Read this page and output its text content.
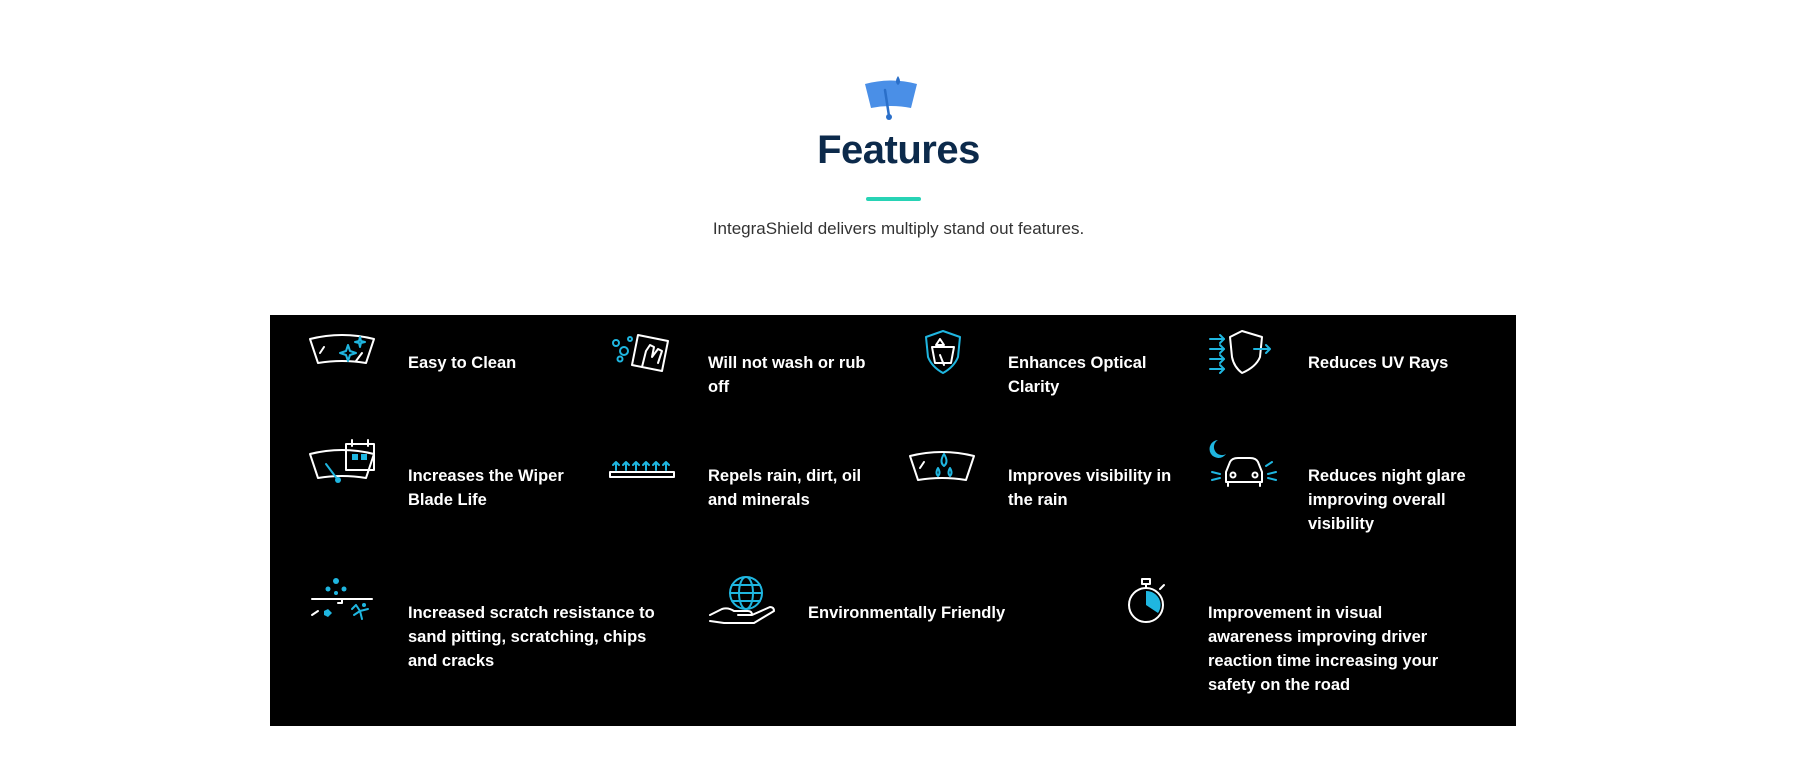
Features
IntegraShield delivers multiply stand out features.
Easy to Clean	Will not wash or rub off
Enhances Optical Clarity
Reduces UV Rays
Increases the Wiper Blade Life
Repels rain, dirt, oil and minerals
Improves visibility in the rain
Reduces night glare improving overall visibility
Increased scratch resistance to sand pitting, scratching, chips and cracks
Environmentally Friendly	Improvement in visual awareness improving driver reaction time increasing your safety on the road
